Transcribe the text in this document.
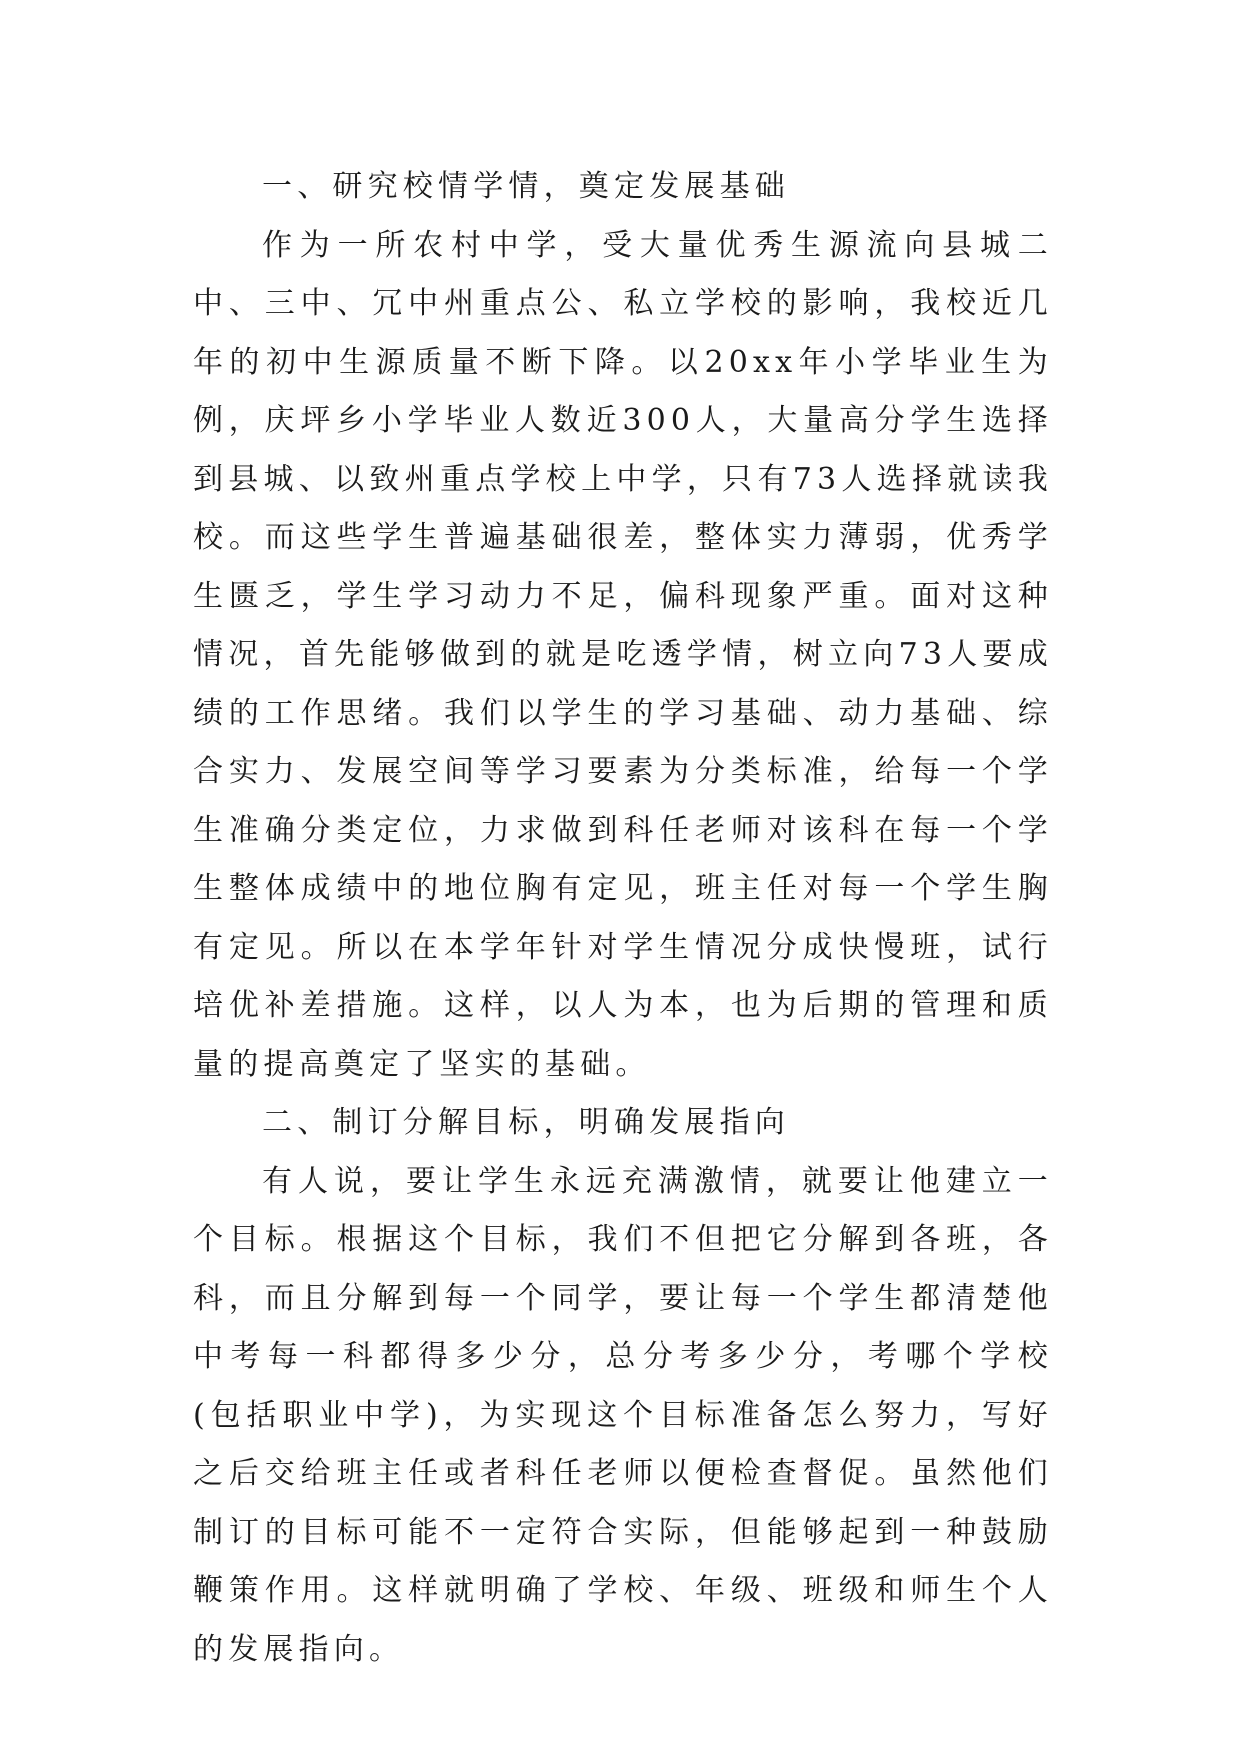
一、研究校情学情，奠定发展基础

作为一所农村中学，受大量优秀生源流向县城二中、三中、冗中州重点公、私立学校的影响，我校近几年的初中生源质量不断下降。以20xx年小学毕业生为例，庆坪乡小学毕业人数近300人，大量高分学生选择到县城、以致州重点学校上中学，只有73人选择就读我校。而这些学生普遍基础很差，整体实力薄弱，优秀学生匮乏，学生学习动力不足，偏科现象严重。面对这种情况，首先能够做到的就是吃透学情，树立向73人要成绩的工作思绪。我们以学生的学习基础、动力基础、综合实力、发展空间等学习要素为分类标准，给每一个学生准确分类定位，力求做到科任老师对该科在每一个学生整体成绩中的地位胸有定见，班主任对每一个学生胸有定见。所以在本学年针对学生情况分成快慢班，试行培优补差措施。这样，以人为本，也为后期的管理和质量的提高奠定了坚实的基础。

二、制订分解目标，明确发展指向

有人说，要让学生永远充满激情，就要让他建立一个目标。根据这个目标，我们不但把它分解到各班，各科，而且分解到每一个同学，要让每一个学生都清楚他中考每一科都得多少分，总分考多少分，考哪个学校(包括职业中学)，为实现这个目标准备怎么努力，写好之后交给班主任或者科任老师以便检查督促。虽然他们制订的目标可能不一定符合实际，但能够起到一种鼓励鞭策作用。这样就明确了学校、年级、班级和师生个人的发展指向。
